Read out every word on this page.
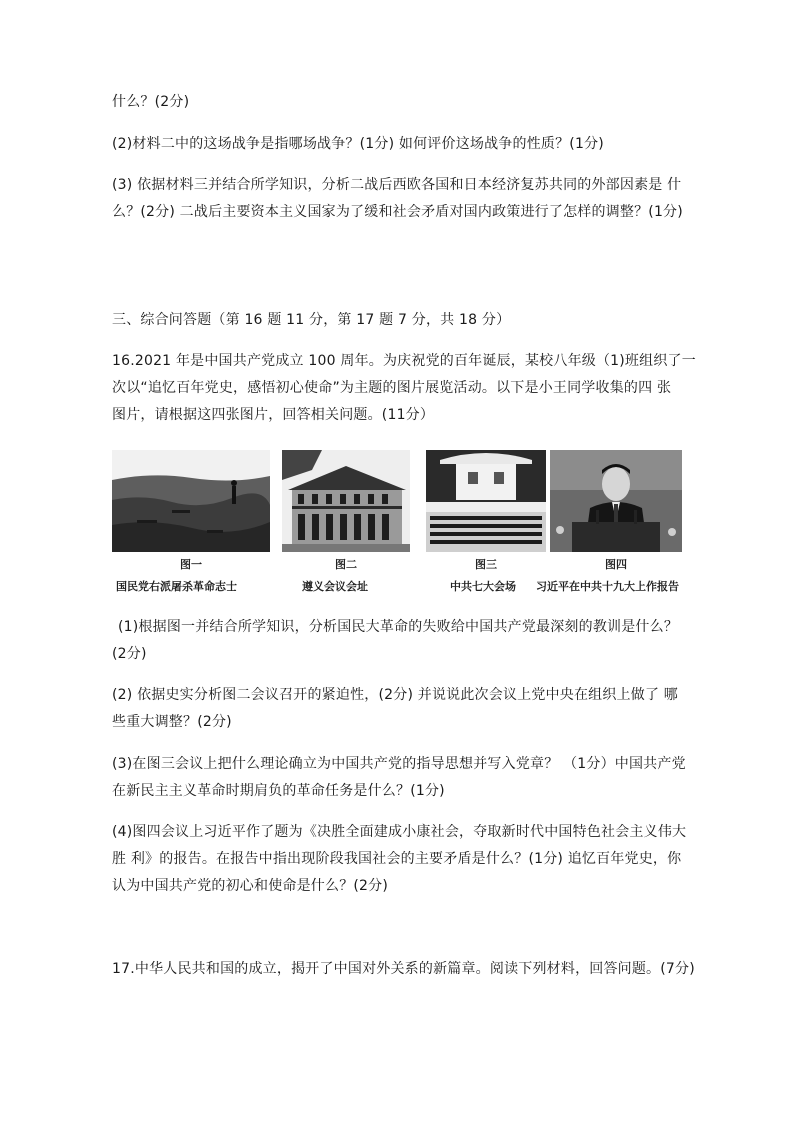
什么？(2分)
(2)材料二中的这场战争是指哪场战争？(1分) 如何评价这场战争的性质？(1分)
(3) 依据材料三并结合所学知识，分析二战后西欧各国和日本经济复苏共同的外部因素是 什
么？(2分) 二战后主要资本主义国家为了缓和社会矛盾对国内政策进行了怎样的调整？(1分)
三、综合问答题（第 16 题 11 分，第 17 题 7 分，共 18 分）
16.2021 年是中国共产党成立 100 周年。为庆祝党的百年诞辰，某校八年级（1)班组织了一
次以“追忆百年党史，感悟初心使命”为主题的图片展览活动。以下是小王同学收集的四 张
图片，请根据这四张图片，回答相关问题。(11分）
图一	图二	图三	图四
国民党右派屠杀革命志士	遵义会议会址	中共七大会场 习近平在中共十九大上作报告
(1)根据图一并结合所学知识，分析国民大革命的失败给中国共产党最深刻的教训是什么？
(2分)
(2) 依据史实分析图二会议召开的紧迫性，(2分) 并说说此次会议上党中央在组织上做了 哪
些重大调整？(2分)
(3)在图三会议上把什么理论确立为中国共产党的指导思想并写入党章？ （1分）中国共产党
在新民主主义革命时期肩负的革命任务是什么？(1分)
(4)图四会议上习近平作了题为《决胜全面建成小康社会，夺取新时代中国特色社会主义伟大
胜 利》的报告。在报告中指出现阶段我国社会的主要矛盾是什么？(1分) 追忆百年党史，你
认为中国共产党的初心和使命是什么？(2分)
17.中华人民共和国的成立，揭开了中国对外关系的新篇章。阅读下列材料，回答问题。(7分)
